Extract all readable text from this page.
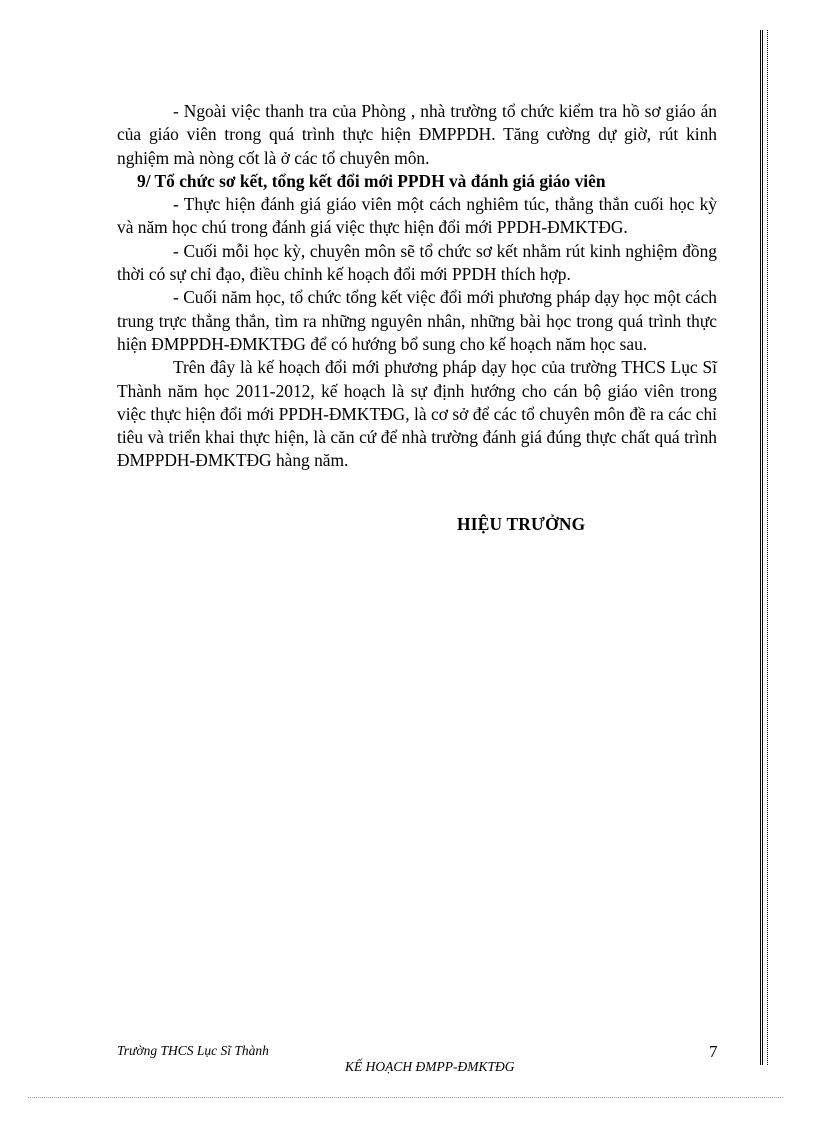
- Ngoài việc thanh tra của Phòng , nhà trường tổ chức kiểm tra hồ sơ giáo án của giáo viên trong quá trình thực hiện ĐMPPDH. Tăng cường dự giờ, rút kinh nghiệm mà nòng cốt là ở các tổ chuyên môn.

9/ Tổ chức sơ kết, tổng kết đổi mới PPDH và đánh giá giáo viên

- Thực hiện đánh giá giáo viên một cách nghiêm túc, thẳng thắn cuối học kỳ và năm học chú trong đánh giá việc thực hiện đổi mới PPDH-ĐMKTĐG.

- Cuối mỗi học kỳ, chuyên môn sẽ tổ chức sơ kết nhằm rút kinh nghiệm đồng thời có sự chỉ đạo, điều chỉnh kế hoạch đổi mới PPDH thích hợp.

- Cuối năm học, tổ chức tổng kết việc đổi mới phương pháp dạy học một cách trung trực thẳng thắn, tìm ra những nguyên nhân, những bài học trong quá trình thực hiện ĐMPPDH-ĐMKTĐG để có hướng bổ sung cho kế hoạch năm học sau.

Trên đây là kế hoạch đổi mới phương pháp dạy học của trường THCS Lục Sĩ Thành năm học 2011-2012, kế hoạch là sự định hướng cho cán bộ giáo viên trong việc thực hiện đổi mới PPDH-ĐMKTĐG, là cơ sở để các tổ chuyên môn đề ra các chỉ tiêu và triển khai thực hiện, là căn cứ để nhà trường đánh giá đúng thực chất quá trình ĐMPPDH-ĐMKTĐG hàng năm.

HIỆU TRƯỞNG
Trường THCS Lục Sĩ Thành
KẾ HOẠCH ĐMPP-ĐMKTĐG
7
